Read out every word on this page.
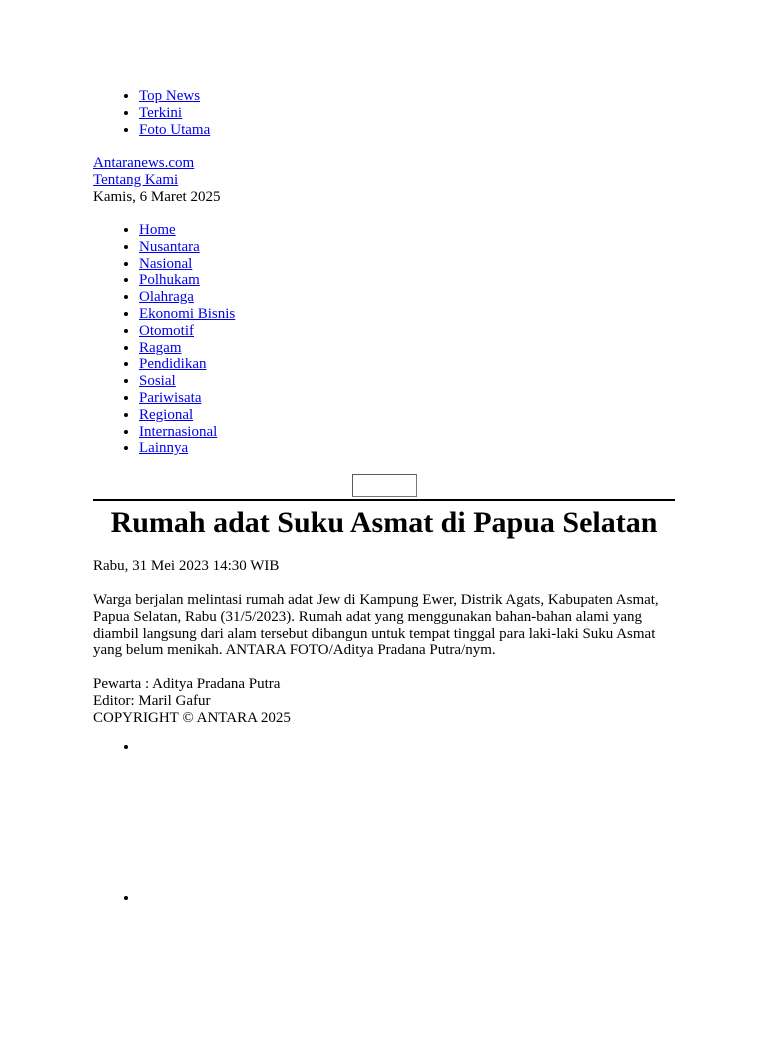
• Top News
• Terkini
• Foto Utama
Antaranews.com
Tentang Kami
Kamis, 6 Maret 2025
• Home
• Nusantara
• Nasional
• Polhukam
• Olahraga
• Ekonomi Bisnis
• Otomotif
• Ragam
• Pendidikan
• Sosial
• Pariwisata
• Regional
• Internasional
• Lainnya
Rumah adat Suku Asmat di Papua Selatan
Rabu, 31 Mei 2023 14:30 WIB
Warga berjalan melintasi rumah adat Jew di Kampung Ewer, Distrik Agats, Kabupaten Asmat, Papua Selatan, Rabu (31/5/2023). Rumah adat yang menggunakan bahan-bahan alami yang diambil langsung dari alam tersebut dibangun untuk tempat tinggal para laki-laki Suku Asmat yang belum menikah. ANTARA FOTO/Aditya Pradana Putra/nym.
Pewarta : Aditya Pradana Putra
Editor: Maril Gafur
COPYRIGHT © ANTARA 2025
•
•
